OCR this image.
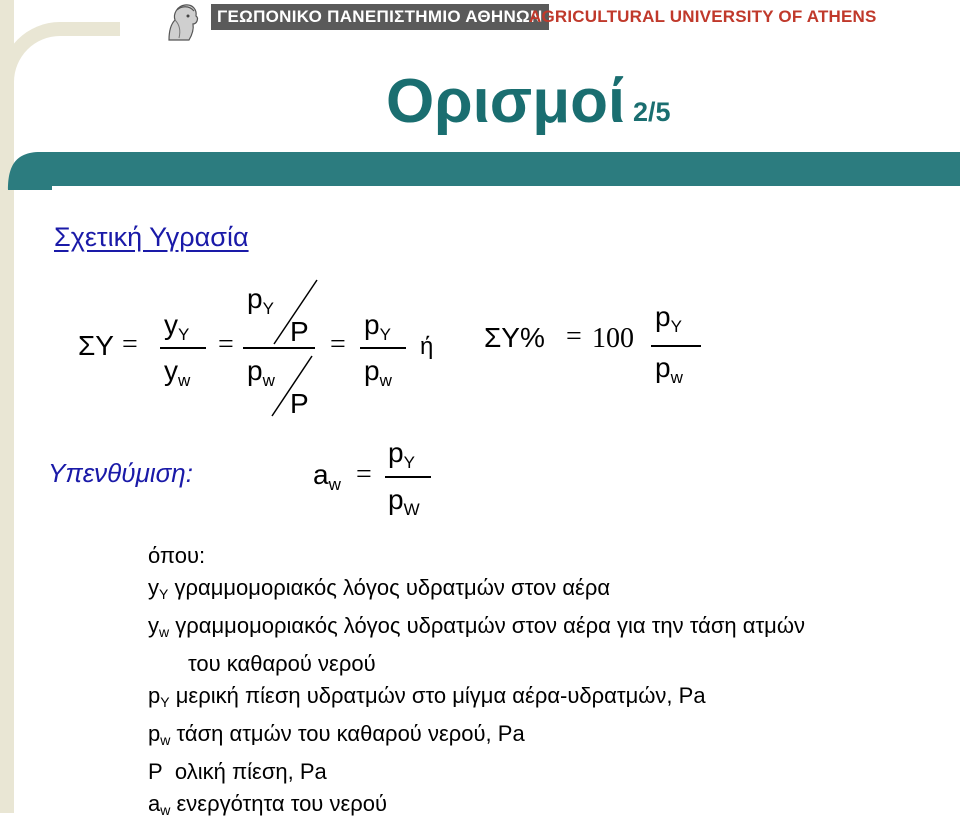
ΓΕΩΠΟΝΙΚΟ ΠΑΝΕΠΙΣΤΗΜΙΟ ΑΘΗΝΩΝ
AGRICULTURAL UNIVERSITY OF ATHENS
Ορισμοί 2/5
Σχετική Υγρασία
ΣΥ =
$y_Y$
$y_w$
=
$p_Y$
P
$p_w$
P
=
$p_Y$
$p_w$
ή ΣΥ% = 100
$p_Y$
$p_w$
Υπενθύμιση:	$a_w$ =
$p_Y$
$p_W$
όπου:
$y_Y$ γραμμομοριακός λόγος υδρατμών στον αέρα
$y_w$ γραμμομοριακός λόγος υδρατμών στον αέρα για την τάση ατμών
του καθαρού νερού
$p_Y$ μερική πίεση υδρατμών στο μίγμα αέρα-υδρατμών, Pa
$p_w$ τάση ατμών του καθαρού νερού, Pa
P ολική πίεση, Pa
$a_w$ ενεργότητα του νερού
